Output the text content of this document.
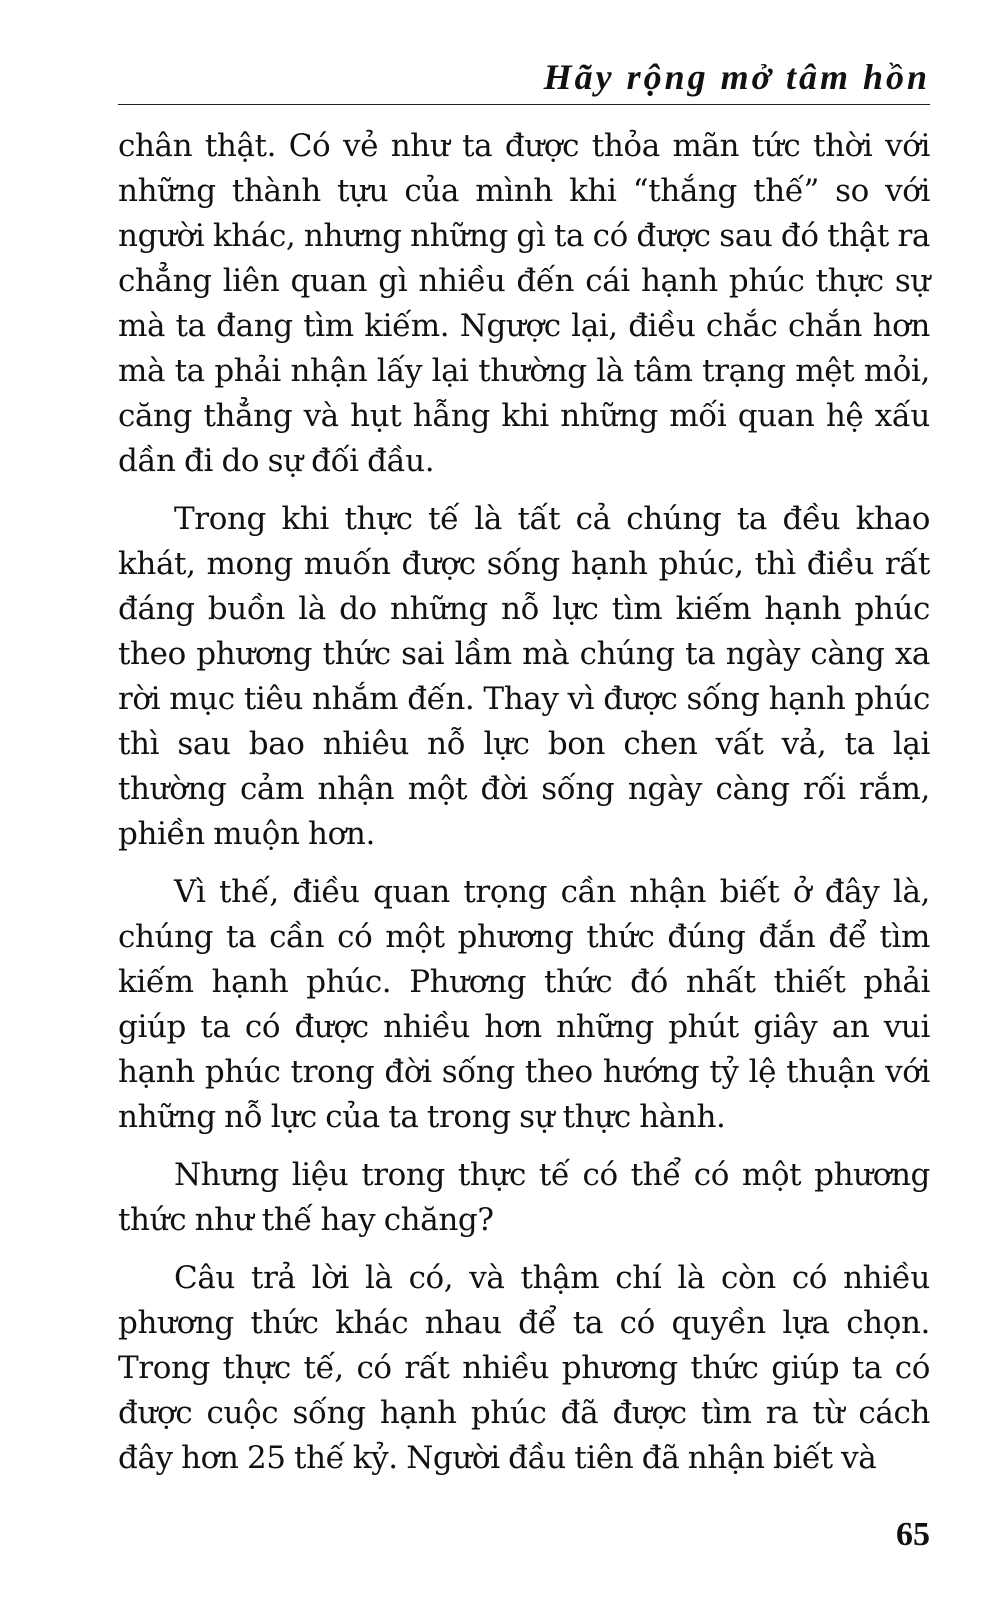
Hãy rộng mở tâm hồn

chân thật. Có vẻ như ta được thỏa mãn tức thời với những thành tựu của mình khi “thắng thế” so với người khác, nhưng những gì ta có được sau đó thật ra chẳng liên quan gì nhiều đến cái hạnh phúc thực sự mà ta đang tìm kiếm. Ngược lại, điều chắc chắn hơn mà ta phải nhận lấy lại thường là tâm trạng mệt mỏi, căng thẳng và hụt hẫng khi những mối quan hệ xấu dần đi do sự đối đầu.

Trong khi thực tế là tất cả chúng ta đều khao khát, mong muốn được sống hạnh phúc, thì điều rất đáng buồn là do những nỗ lực tìm kiếm hạnh phúc theo phương thức sai lầm mà chúng ta ngày càng xa rời mục tiêu nhắm đến. Thay vì được sống hạnh phúc thì sau bao nhiêu nỗ lực bon chen vất vả, ta lại thường cảm nhận một đời sống ngày càng rối rắm, phiền muộn hơn.

Vì thế, điều quan trọng cần nhận biết ở đây là, chúng ta cần có một phương thức đúng đắn để tìm kiếm hạnh phúc. Phương thức đó nhất thiết phải giúp ta có được nhiều hơn những phút giây an vui hạnh phúc trong đời sống theo hướng tỷ lệ thuận với những nỗ lực của ta trong sự thực hành.

Nhưng liệu trong thực tế có thể có một phương thức như thế hay chăng?

Câu trả lời là có, và thậm chí là còn có nhiều phương thức khác nhau để ta có quyền lựa chọn. Trong thực tế, có rất nhiều phương thức giúp ta có được cuộc sống hạnh phúc đã được tìm ra từ cách đây hơn 25 thế kỷ. Người đầu tiên đã nhận biết và

65
